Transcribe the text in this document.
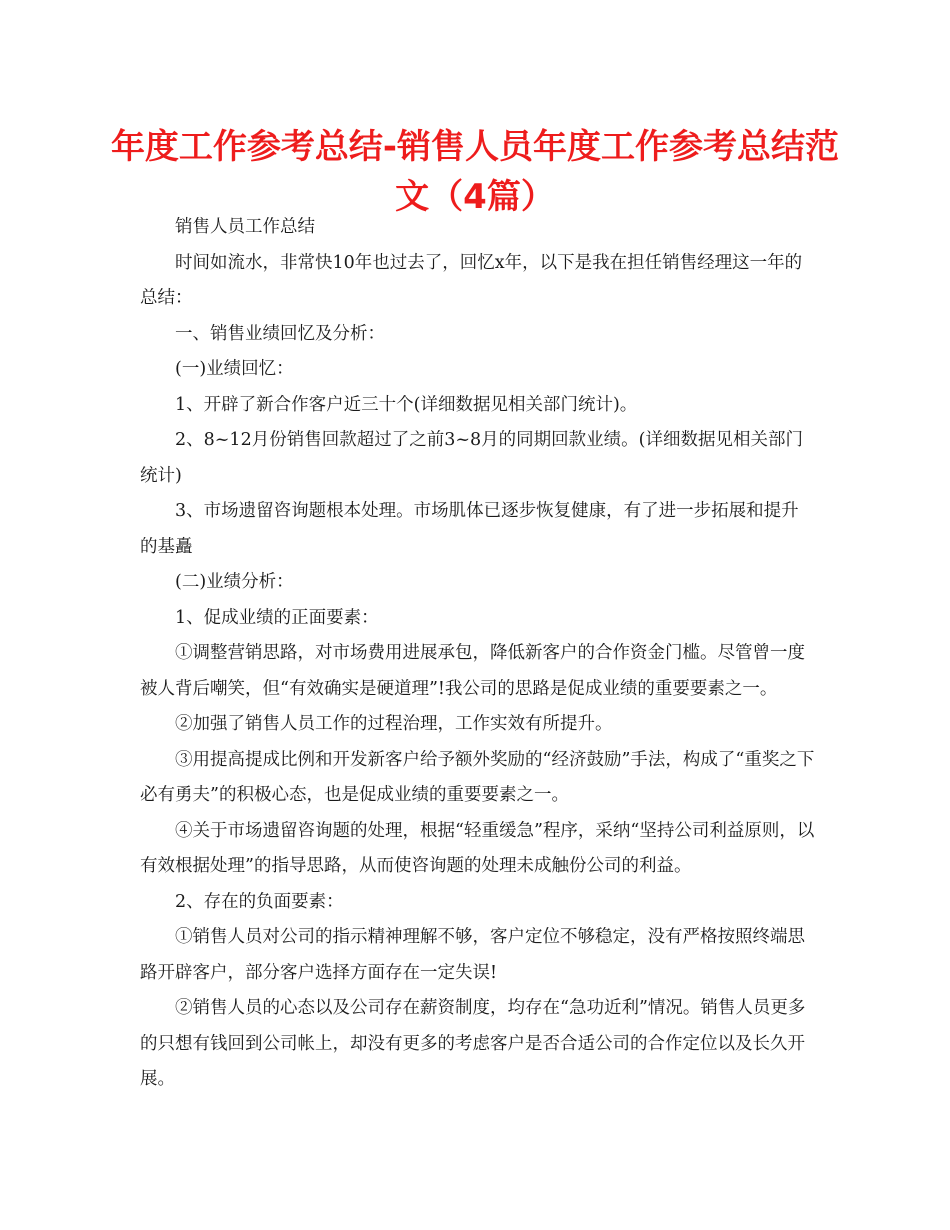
年度工作参考总结-销售人员年度工作参考总结范文（4篇）

销售人员工作总结

时间如流水，非常快10年也过去了，回忆x年，以下是我在担任销售经理这一年的总结：

一、销售业绩回忆及分析：

(一)业绩回忆：

1、开辟了新合作客户近三十个(详细数据见相关部门统计)。

2、8~12月份销售回款超过了之前3~8月的同期回款业绩。(详细数据见相关部门统计)

3、市场遗留咨询题根本处理。市场肌体已逐步恢复健康，有了进一步拓展和提升的基矗

(二)业绩分析：

1、促成业绩的正面要素：

①调整营销思路，对市场费用进展承包，降低新客户的合作资金门槛。尽管曾一度被人背后嘲笑，但“有效确实是硬道理”!我公司的思路是促成业绩的重要要素之一。

②加强了销售人员工作的过程治理，工作实效有所提升。

③用提高提成比例和开发新客户给予额外奖励的“经济鼓励”手法，构成了“重奖之下必有勇夫”的积极心态，也是促成业绩的重要要素之一。

④关于市场遗留咨询题的处理，根据“轻重缓急”程序，采纳“坚持公司利益原则，以有效根据处理”的指导思路，从而使咨询题的处理未成触份公司的利益。

2、存在的负面要素：

①销售人员对公司的指示精神理解不够，客户定位不够稳定，没有严格按照终端思路开辟客户，部分客户选择方面存在一定失误!

②销售人员的心态以及公司存在薪资制度，均存在“急功近利”情况。销售人员更多的只想有钱回到公司帐上，却没有更多的考虑客户是否合适公司的合作定位以及长久开展。
